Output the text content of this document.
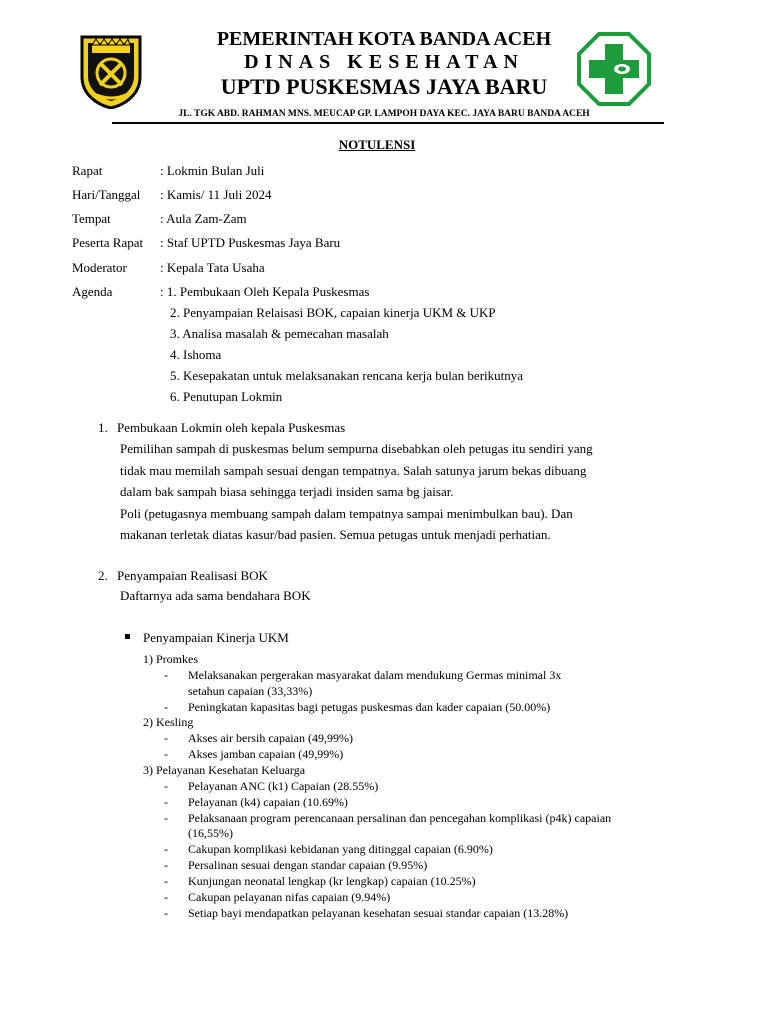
PEMERINTAH KOTA BANDA ACEH
DINAS KESEHATAN
UPTD PUSKESMAS JAYA BARU
JL. TGK ABD. RAHMAN MNS. MEUCAP GP. LAMPOH DAYA KEC. JAYA BARU BANDA ACEH
NOTULENSI
Rapat	: Lokmin Bulan Juli
Hari/Tanggal : Kamis/ 11 Juli 2024
Tempat	: Aula Zam-Zam
Peserta Rapat : Staf UPTD Puskesmas Jaya Baru
Moderator	: Kepala Tata Usaha
Agenda	: 1. Pembukaan Oleh Kepala Puskesmas
2. Penyampaian Relaisasi BOK, capaian kinerja UKM & UKP
3. Analisa masalah & pemecahan masalah
4. Ishoma
5. Kesepakatan untuk melaksanakan rencana kerja bulan berikutnya
6. Penutupan Lokmin
1. Pembukaan Lokmin oleh kepala Puskesmas
Pemilihan sampah di puskesmas belum sempurna disebabkan oleh petugas itu sendiri yang
tidak mau memilah sampah sesuai dengan tempatnya. Salah satunya jarum bekas dibuang
dalam bak sampah biasa sehingga terjadi insiden sama bg jaisar.
Poli (petugasnya membuang sampah dalam tempatnya sampai menimbulkan bau). Dan
makanan terletak diatas kasur/bad pasien. Semua petugas untuk menjadi perhatian.
2. Penyampaian Realisasi BOK
Daftarnya ada sama bendahara BOK
Penyampaian Kinerja UKM
1) Promkes
- Melaksanakan pergerakan masyarakat dalam mendukung Germas minimal 3x
setahun capaian (33,33%)
- Peningkatan kapasitas bagi petugas puskesmas dan kader capaian (50.00%)
2) Kesling
- Akses air bersih capaian (49,99%)
- Akses jamban capaian (49,99%)
3) Pelayanan Kesehatan Keluarga
- Pelayanan ANC (k1) Capaian (28.55%)
- Pelayanan (k4) capaian (10.69%)
- Pelaksanaan program perencanaan persalinan dan pencegahan komplikasi (p4k) capaian
(16,55%)
- Cakupan komplikasi kebidanan yang ditinggal capaian (6.90%)
- Persalinan sesuai dengan standar capaian (9.95%)
- Kunjungan neonatal lengkap (kr lengkap) capaian (10.25%)
- Cakupan pelayanan nifas capaian (9.94%)
- Setiap bayi mendapatkan pelayanan kesehatan sesuai standar capaian (13.28%)
